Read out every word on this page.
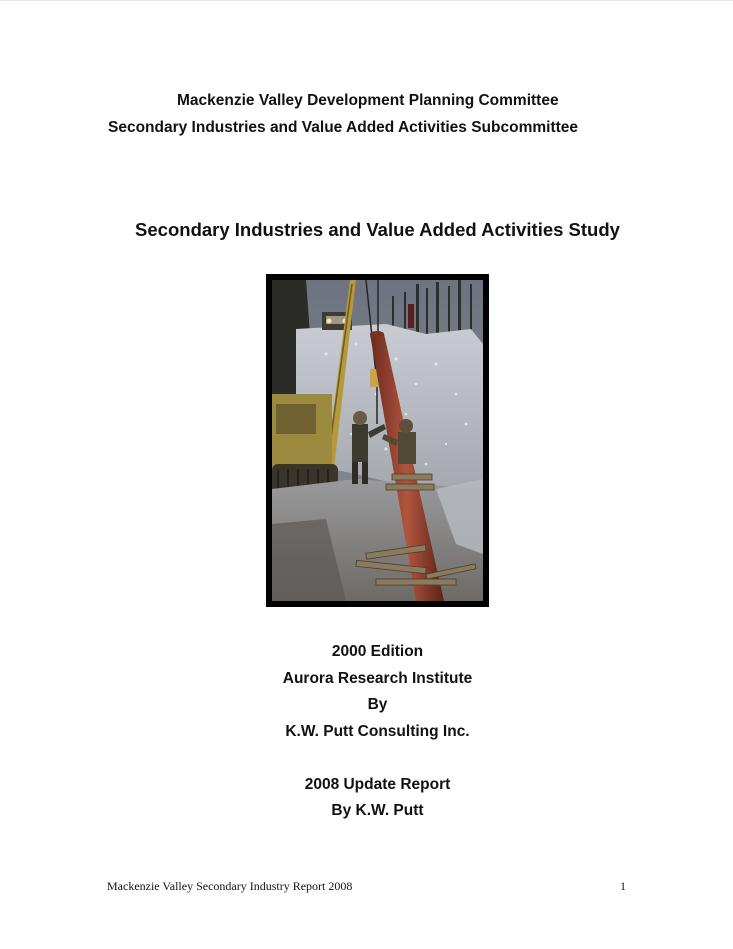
Mackenzie Valley Development Planning Committee
Secondary Industries and Value Added Activities Subcommittee
Secondary Industries and Value Added Activities Study
2000 Edition
Aurora Research Institute
By
K.W. Putt Consulting Inc.
2008 Update Report
By K.W. Putt
Mackenzie Valley Secondary Industry Report 2008	1
